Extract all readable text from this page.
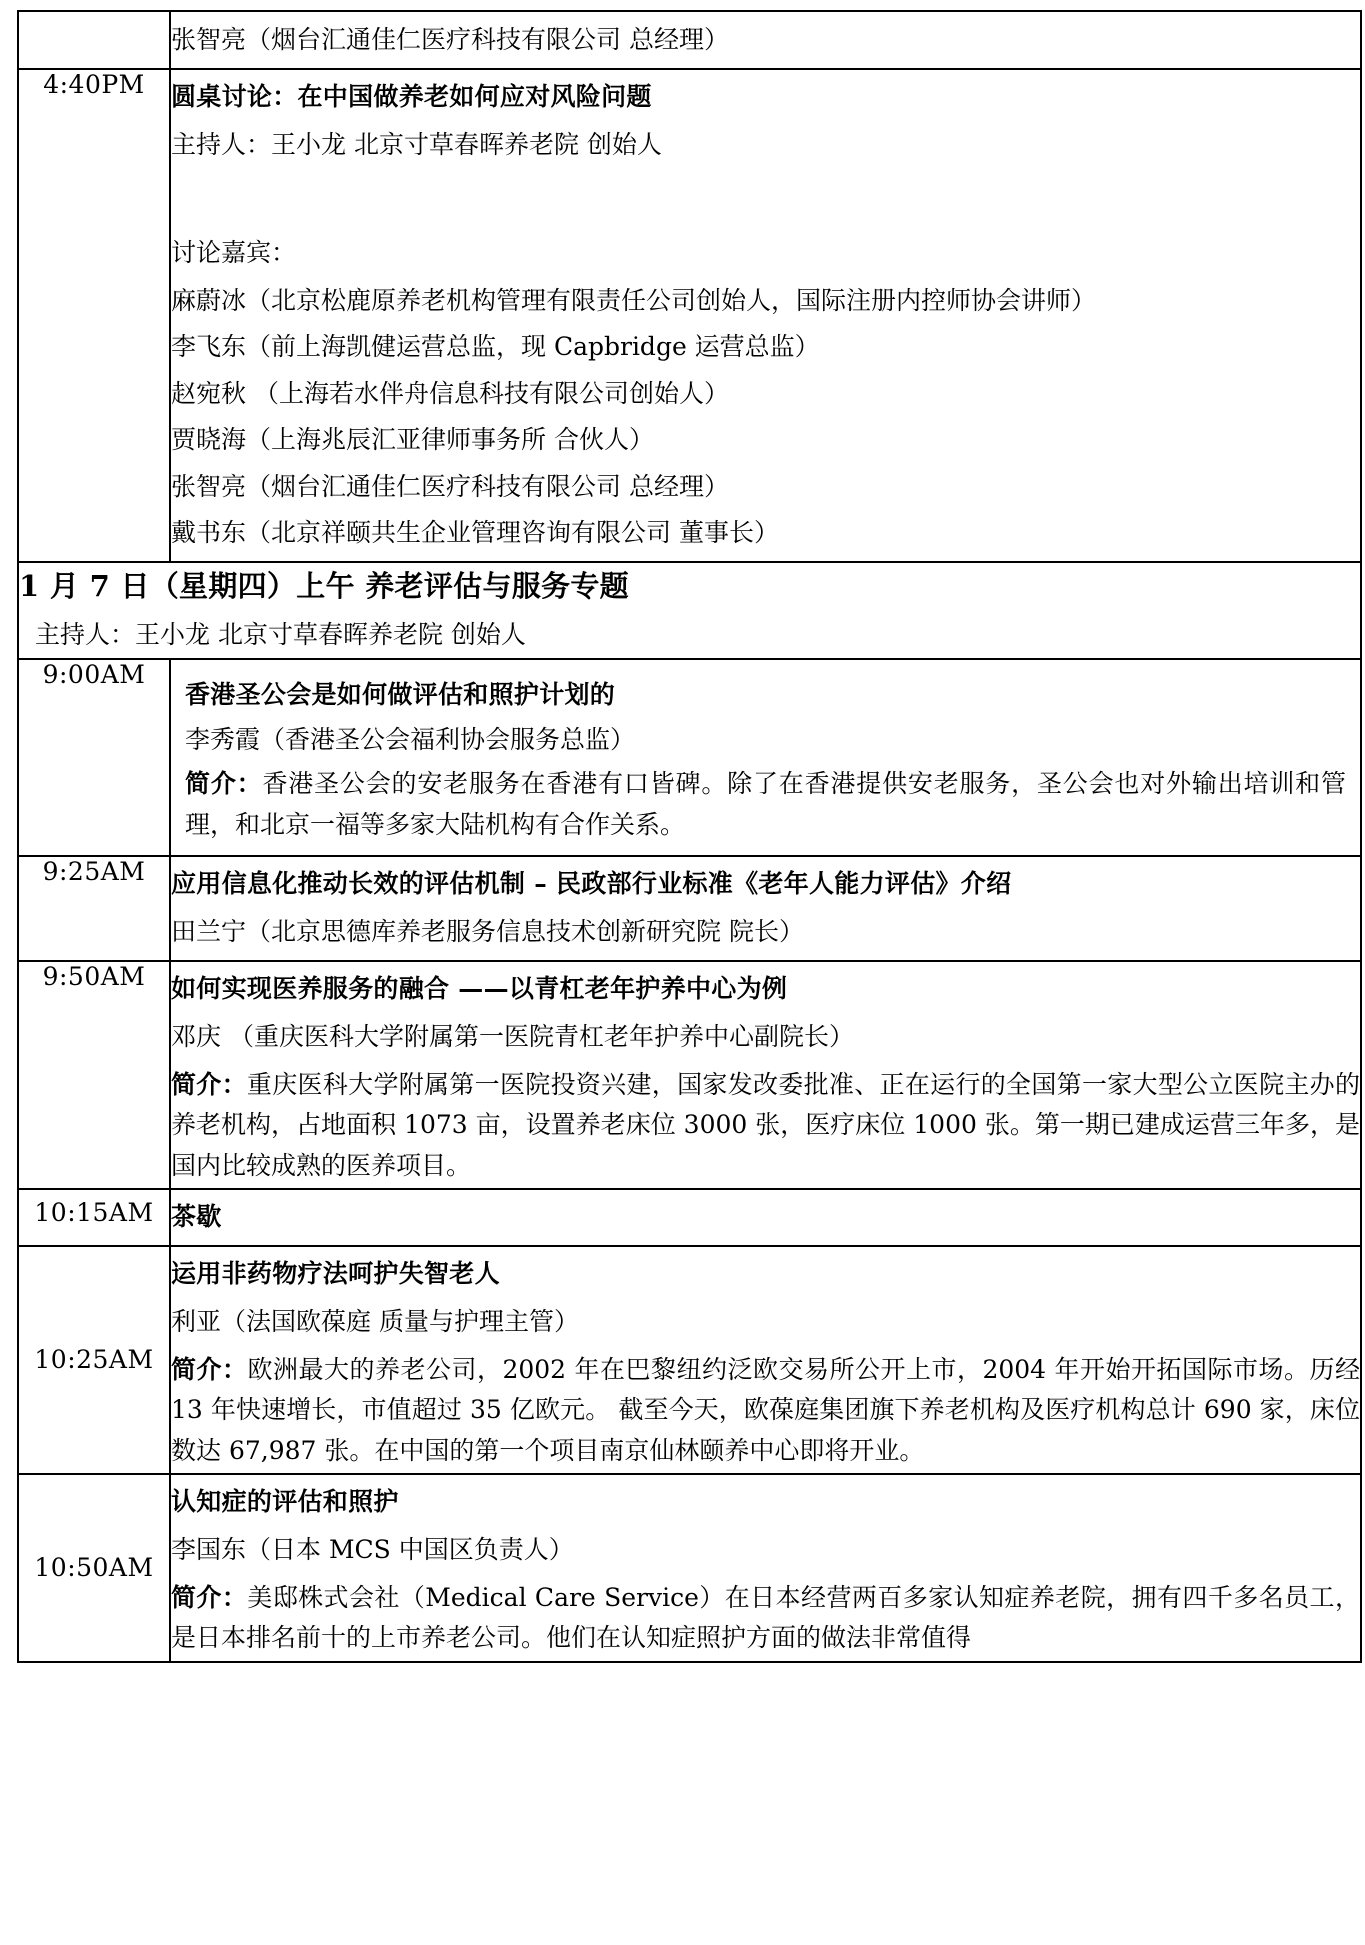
	张智亮（烟台汇通佳仁医疗科技有限公司 总经理）

4:40PM	圆桌讨论：在中国做养老如何应对风险问题

主持人：王小龙 北京寸草春晖养老院 创始人

讨论嘉宾：

麻蔚冰（北京松鹿原养老机构管理有限责任公司创始人，国际注册内控师协会讲师）

李飞东（前上海凯健运营总监，现 Capbridge 运营总监）

赵宛秋 （上海若水伴舟信息科技有限公司创始人）

贾晓海（上海兆辰汇亚律师事务所 合伙人）

张智亮（烟台汇通佳仁医疗科技有限公司 总经理）

戴书东（北京祥颐共生企业管理咨询有限公司 董事长）

1 月 7 日（星期四）上午 养老评估与服务专题

主持人：王小龙 北京寸草春晖养老院 创始人	

9:00AM	香港圣公会是如何做评估和照护计划的

李秀霞（香港圣公会福利协会服务总监）

简介：香港圣公会的安老服务在香港有口皆碑。除了在香港提供安老服务，圣公会也对外输出培训和管理，和北京一福等多家大陆机构有合作关系。

9:25AM	应用信息化推动长效的评估机制 – 民政部行业标准《老年人能力评估》介绍

田兰宁（北京思德库养老服务信息技术创新研究院 院长）

9:50AM	如何实现医养服务的融合 ——以青杠老年护养中心为例

邓庆 （重庆医科大学附属第一医院青杠老年护养中心副院长）

简介：重庆医科大学附属第一医院投资兴建，国家发改委批准、正在运行的全国第一家大型公立医院主办的养老机构，占地面积 1073 亩，设置养老床位 3000 张，医疗床位 1000 张。第一期已建成运营三年多，是国内比较成熟的医养项目。

10:15AM	茶歇

10:25AM	运用非药物疗法呵护失智老人

利亚（法国欧葆庭 质量与护理主管）

简介：欧洲最大的养老公司，2002 年在巴黎纽约泛欧交易所公开上市，2004 年开始开拓国际市场。历经 13 年快速增长，市值超过 35 亿欧元。 截至今天，欧葆庭集团旗下养老机构及医疗机构总计 690 家，床位数达 67,987 张。在中国的第一个项目南京仙林颐养中心即将开业。

10:50AM	认知症的评估和照护

李国东（日本 MCS 中国区负责人）

简介：美邸株式会社（Medical Care Service）在日本经营两百多家认知症养老院，拥有四千多名员工，是日本排名前十的上市养老公司。他们在认知症照护方面的做法非常值得
